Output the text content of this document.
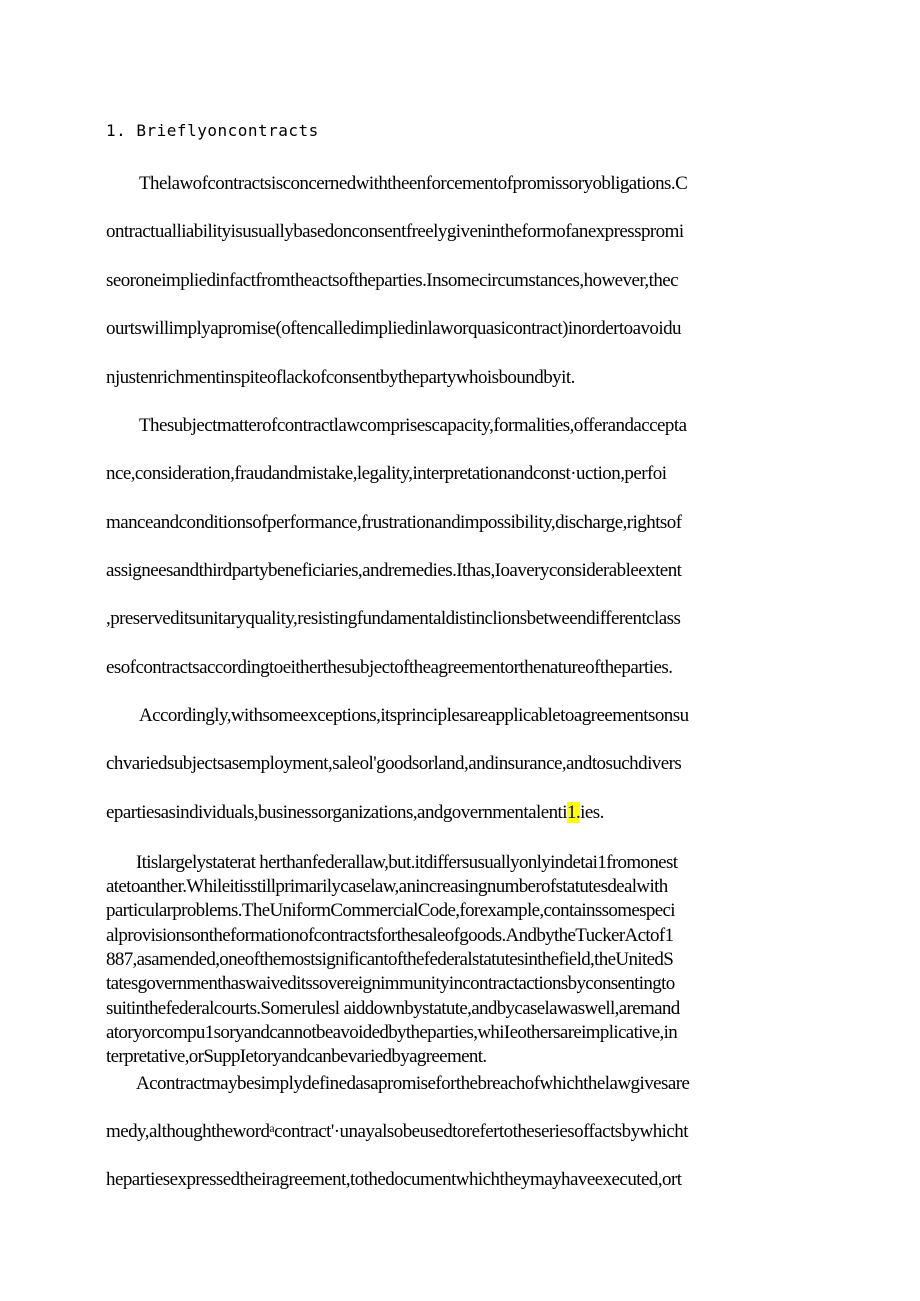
1. Brieflyoncontracts
Thelawofcontractsisconcernedwiththeenforcementofpromissoryobligations.C
ontractualliabilityisusuallybasedonconsentfreelygivenintheformofanexpresspromi
seoroneimpliedinfactfromtheactsoftheparties.Insomecircumstances,however,thec
ourtswillimplyapromise(oftencalledimpliedinlaworquasicontract)inordertoavoidu
njustenrichmentinspiteoflackofconsentbythepartywhoisboundbyit.
Thesubjectmatterofcontractlawcomprisescapacity,formalities,offerandaccepta
nce,consideration,fraudandmistake,legality,interpretationandconst·uction,perfoi
manceandconditionsofperformance,frustrationandimpossibility,discharge,rightsof
assigneesandthirdpartybeneficiaries,andremedies.Ithas,Ioaveryconsiderableextent
,preserveditsunitaryquality,resistingfundamentaldistinclionsbetweendifferentclass
esofcontractsaccordingtoeitherthesubjectoftheagreementorthenatureoftheparties.
Accordingly,withsomeexceptions,itsprinciplesareapplicabletoagreementsonsu
chvariedsubjectsasemployment,saleol'goodsorland,andinsurance,andtosuchdivers
epartiesasindividuals,businessorganizations,andgovernmentalenti1.ies.
Itislargelystaterat herthanfederallaw,but.itdiffersusuallyonlyindetai1fromonest
atetoanther.Whileitisstillprimarilycaselaw,anincreasingnumberofstatutesdealwith
particularproblems.TheUniformCommercialCode,forexample,containssomespeci
alprovisionsontheformationofcontractsforthesaleofgoods.AndbytheTuckerActof1
887,asamended,oneofthemostsignificantofthefederalstatutesinthefield,theUnitedS
tatesgovernmenthaswaiveditssovereignimmunityincontractactionsbyconsentingto
suitinthefederalcourts.Somerulesl aiddownbystatute,andbycaselawaswell,aremand
atoryorcompu1soryandcannotbeavoidedbytheparties,whiIeothersareimplicative,in
terpretative,orSuppIetoryandcanbevariedbyagreement.
Acontractmaybesimplydefinedasapromiseforthebreachofwhichthelawgivesare
medy,althoughthewordᵃcontract'·unayalsobeusedtorefertotheseriesoffactsbywhicht
hepartiesexpressedtheiragreement,tothedocumentwhichtheymayhaveexecuted,ort
